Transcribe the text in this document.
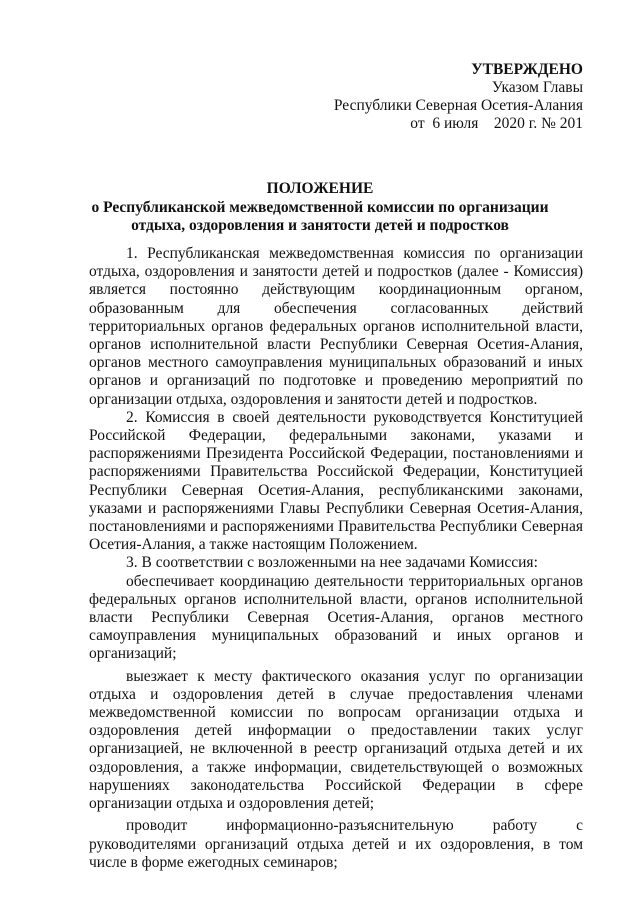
УТВЕРЖДЕНО
Указом Главы
Республики Северная Осетия-Алания
от  6 июля    2020 г. № 201
ПОЛОЖЕНИЕ
о Республиканской межведомственной комиссии по организации
отдыха, оздоровления и занятости детей и подростков

1. Республиканская межведомственная комиссия по организации отдыха, оздоровления и занятости детей и подростков (далее - Комиссия) является постоянно действующим координационным органом, образованным для обеспечения согласованных действий территориальных органов федеральных органов исполнительной власти, органов исполнительной власти Республики Северная Осетия-Алания, органов местного самоуправления муниципальных образований и иных органов и организаций по подготовке и проведению мероприятий по организации отдыха, оздоровления и занятости детей и подростков.

2. Комиссия в своей деятельности руководствуется Конституцией Российской Федерации, федеральными законами, указами и распоряжениями Президента Российской Федерации, постановлениями и распоряжениями Правительства Российской Федерации, Конституцией Республики Северная Осетия-Алания, республиканскими законами, указами и распоряжениями Главы Республики Северная Осетия-Алания, постановлениями и распоряжениями Правительства Республики Северная Осетия-Алания, а также настоящим Положением.

3. В соответствии с возложенными на нее задачами Комиссия:

обеспечивает координацию деятельности территориальных органов федеральных органов исполнительной власти, органов исполнительной власти Республики Северная Осетия-Алания, органов местного самоуправления муниципальных образований и иных органов и организаций;

выезжает к месту фактического оказания услуг по организации отдыха и оздоровления детей в случае предоставления членами межведомственной комиссии по вопросам организации отдыха и оздоровления детей информации о предоставлении таких услуг организацией, не включенной в реестр организаций отдыха детей и их оздоровления, а также информации, свидетельствующей о возможных нарушениях законодательства Российской Федерации в сфере организации отдыха и оздоровления детей;

проводит информационно-разъяснительную работу с руководителями организаций отдыха детей и их оздоровления, в том числе в форме ежегодных семинаров;
